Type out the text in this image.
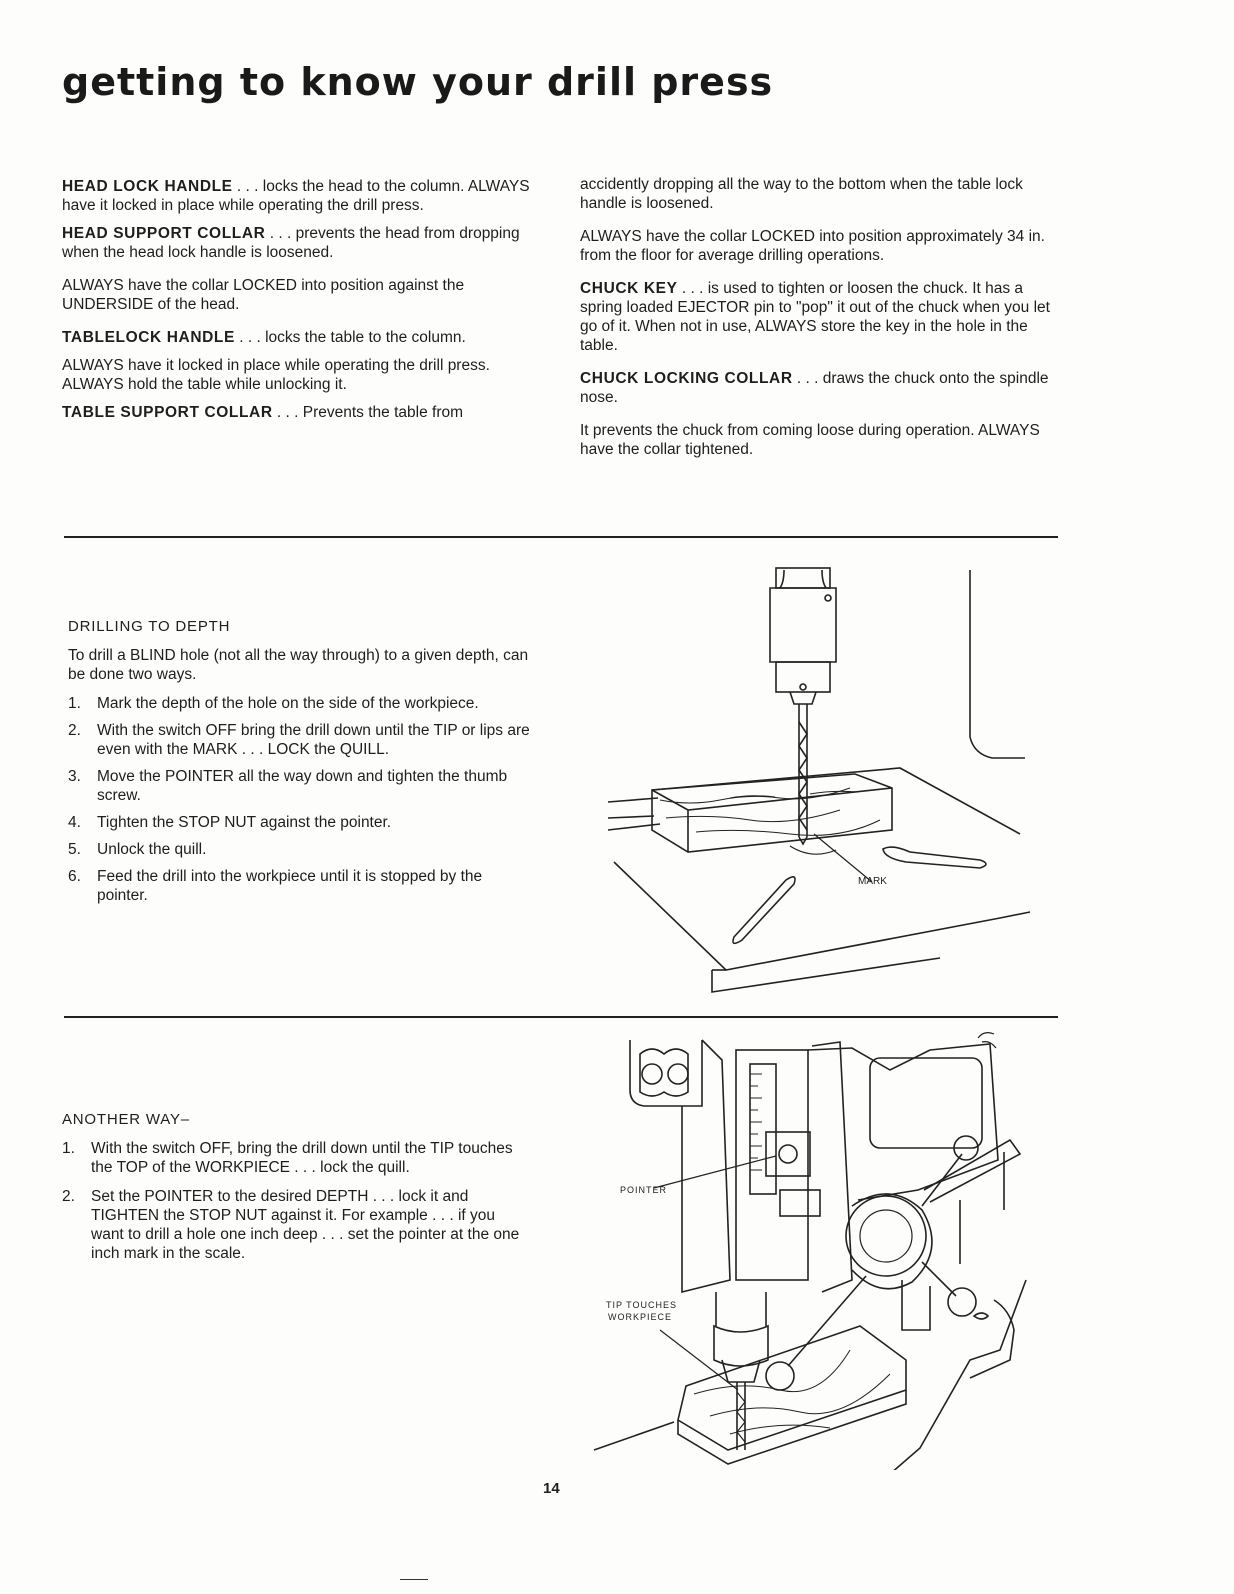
getting to know your drill press

HEAD LOCK HANDLE . . . locks the head to the column. ALWAYS have it locked in place while operating the drill press.

HEAD SUPPORT COLLAR . . . prevents the head from dropping when the head lock handle is loosened.

ALWAYS have the collar LOCKED into position against the UNDERSIDE of the head.

TABLELOCK HANDLE . . . locks the table to the column.

ALWAYS have it locked in place while operating the drill press.
ALWAYS hold the table while unlocking it.

TABLE SUPPORT COLLAR . . . Prevents the table from

accidently dropping all the way to the bottom when the table lock handle is loosened.

ALWAYS have the collar LOCKED into position approximately 34 in. from the floor for average drilling operations.

CHUCK KEY . . . is used to tighten or loosen the chuck. It has a spring loaded EJECTOR pin to "pop" it out of the chuck when you let go of it. When not in use, ALWAYS store the key in the hole in the table.

CHUCK LOCKING COLLAR . . . draws the chuck onto the spindle nose.

It prevents the chuck from coming loose during operation. ALWAYS have the collar tightened.

DRILLING TO DEPTH

To drill a BLIND hole (not all the way through) to a given depth, can be done two ways.

1. Mark the depth of the hole on the side of the workpiece.
2. With the switch OFF bring the drill down until the TIP or lips are even with the MARK . . . LOCK the QUILL.
3. Move the POINTER all the way down and tighten the thumb screw.
4. Tighten the STOP NUT against the pointer.
5. Unlock the quill.
6. Feed the drill into the workpiece until it is stopped by the pointer.
MARK
ANOTHER WAY–
1. With the switch OFF, bring the drill down until the TIP touches the TOP of the WORKPIECE . . . lock the quill.
2. Set the POINTER to the desired DEPTH . . . lock it and TIGHTEN the STOP NUT against it. For example . . . if you want to drill a hole one inch deep . . . set the pointer at the one inch mark in the scale.
POINTER
TIP TOUCHES
WORKPIECE
14
